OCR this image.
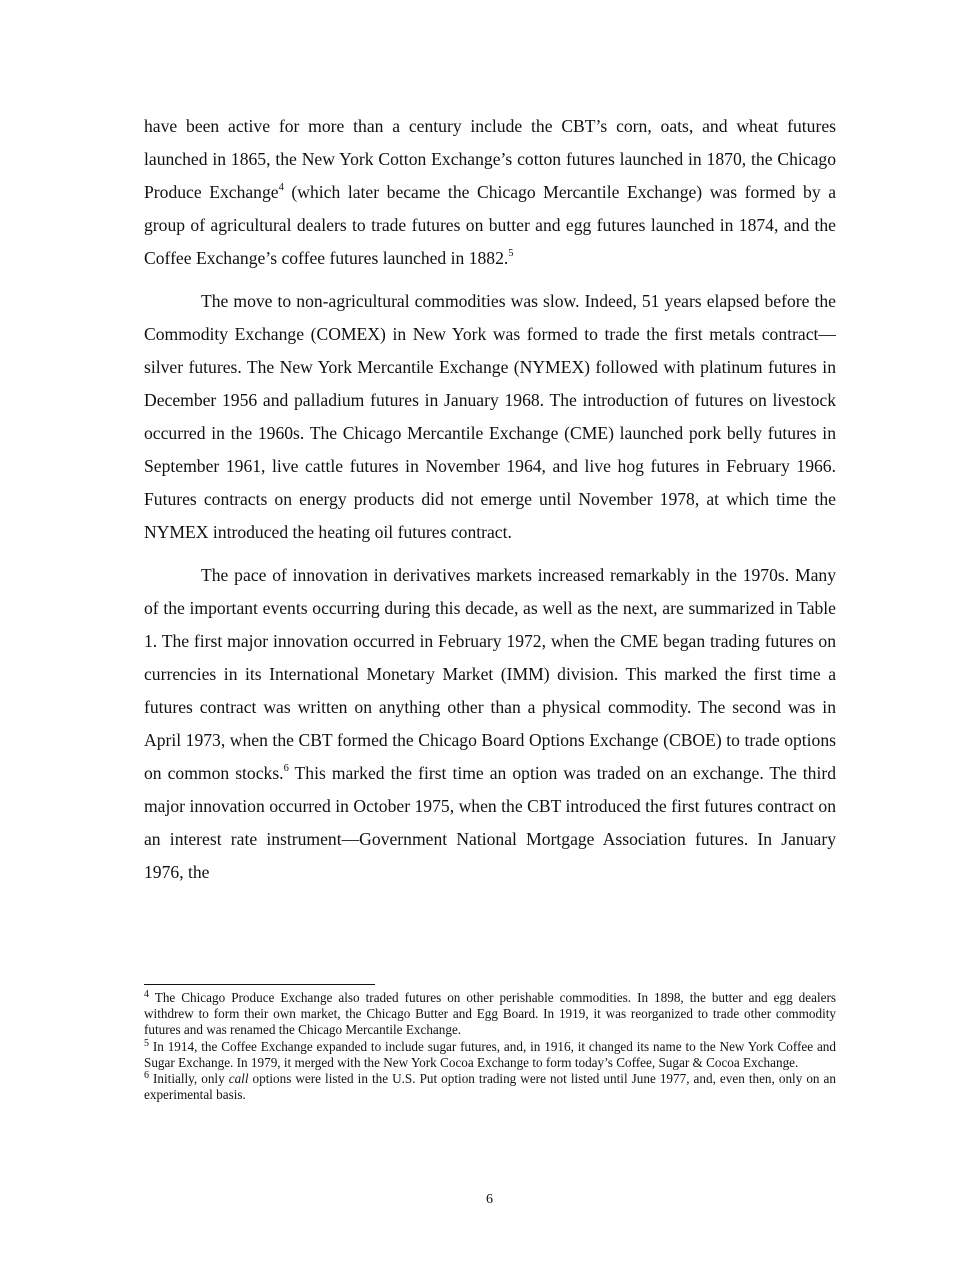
have been active for more than a century include the CBT’s corn, oats, and wheat futures launched in 1865, the New York Cotton Exchange’s cotton futures launched in 1870, the Chicago Produce Exchange$^4$ (which later became the Chicago Mercantile Exchange) was formed by a group of agricultural dealers to trade futures on butter and egg futures launched in 1874, and the Coffee Exchange’s coffee futures launched in 1882.$^5$

The move to non-agricultural commodities was slow. Indeed, 51 years elapsed before the Commodity Exchange (COMEX) in New York was formed to trade the first metals contract—silver futures. The New York Mercantile Exchange (NYMEX) followed with platinum futures in December 1956 and palladium futures in January 1968. The introduction of futures on livestock occurred in the 1960s. The Chicago Mercantile Exchange (CME) launched pork belly futures in September 1961, live cattle futures in November 1964, and live hog futures in February 1966. Futures contracts on energy products did not emerge until November 1978, at which time the NYMEX introduced the heating oil futures contract.

The pace of innovation in derivatives markets increased remarkably in the 1970s. Many of the important events occurring during this decade, as well as the next, are summarized in Table 1. The first major innovation occurred in February 1972, when the CME began trading futures on currencies in its International Monetary Market (IMM) division. This marked the first time a futures contract was written on anything other than a physical commodity. The second was in April 1973, when the CBT formed the Chicago Board Options Exchange (CBOE) to trade options on common stocks.$^6$ This marked the first time an option was traded on an exchange. The third major innovation occurred in October 1975, when the CBT introduced the first futures contract on an interest rate instrument—Government National Mortgage Association futures. In January 1976, the

$^4$ The Chicago Produce Exchange also traded futures on other perishable commodities. In 1898, the butter and egg dealers withdrew to form their own market, the Chicago Butter and Egg Board. In 1919, it was reorganized to trade other commodity futures and was renamed the Chicago Mercantile Exchange.

$^5$ In 1914, the Coffee Exchange expanded to include sugar futures, and, in 1916, it changed its name to the New York Coffee and Sugar Exchange. In 1979, it merged with the New York Cocoa Exchange to form today’s Coffee, Sugar & Cocoa Exchange.

$^6$ Initially, only call options were listed in the U.S. Put option trading were not listed until June 1977, and, even then, only on an experimental basis.

6
